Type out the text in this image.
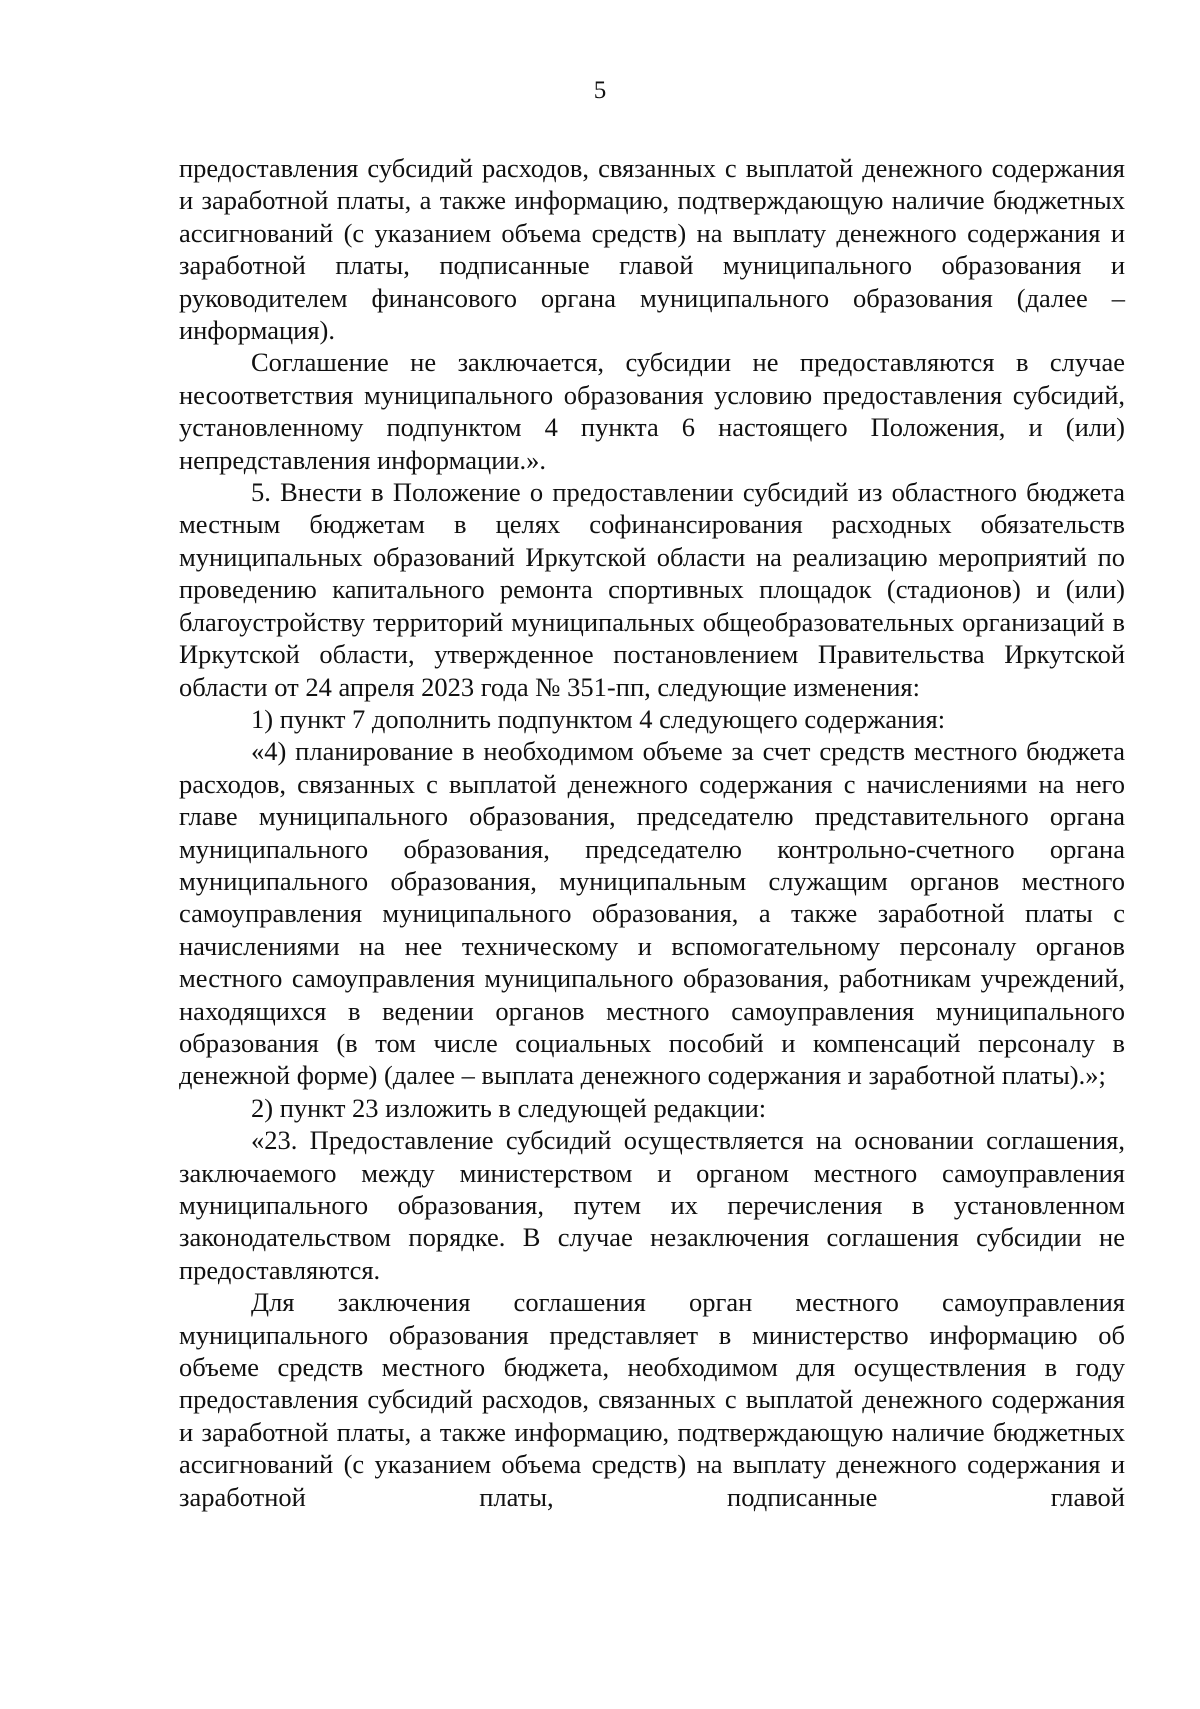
5

предоставления субсидий расходов, связанных с выплатой денежного содержания и заработной платы, а также информацию, подтверждающую наличие бюджетных ассигнований (с указанием объема средств) на выплату денежного содержания и заработной платы, подписанные главой муниципального образования и руководителем финансового органа муниципального образования (далее – информация).

Соглашение не заключается, субсидии не предоставляются в случае несоответствия муниципального образования условию предоставления субсидий, установленному подпунктом 4 пункта 6 настоящего Положения, и (или) непредставления информации.».

5. Внести в Положение о предоставлении субсидий из областного бюджета местным бюджетам в целях софинансирования расходных обязательств муниципальных образований Иркутской области на реализацию мероприятий по проведению капитального ремонта спортивных площадок (стадионов) и (или) благоустройству территорий муниципальных общеобразовательных организаций в Иркутской области, утвержденное постановлением Правительства Иркутской области от 24 апреля 2023 года № 351-пп, следующие изменения:

1) пункт 7 дополнить подпунктом 4 следующего содержания:

«4) планирование в необходимом объеме за счет средств местного бюджета расходов, связанных с выплатой денежного содержания с начислениями на него главе муниципального образования, председателю представительного органа муниципального образования, председателю контрольно-счетного органа муниципального образования, муниципальным служащим органов местного самоуправления муниципального образования, а также заработной платы с начислениями на нее техническому и вспомогательному персоналу органов местного самоуправления муниципального образования, работникам учреждений, находящихся в ведении органов местного самоуправления муниципального образования (в том числе социальных пособий и компенсаций персоналу в денежной форме) (далее – выплата денежного содержания и заработной платы).»;

2) пункт 23 изложить в следующей редакции:

«23. Предоставление субсидий осуществляется на основании соглашения, заключаемого между министерством и органом местного самоуправления муниципального образования, путем их перечисления в установленном законодательством порядке. В случае незаключения соглашения субсидии не предоставляются.

Для заключения соглашения орган местного самоуправления муниципального образования представляет в министерство информацию об объеме средств местного бюджета, необходимом для осуществления в году предоставления субсидий расходов, связанных с выплатой денежного содержания и заработной платы, а также информацию, подтверждающую наличие бюджетных ассигнований (с указанием объема средств) на выплату денежного содержания и заработной платы, подписанные главой
